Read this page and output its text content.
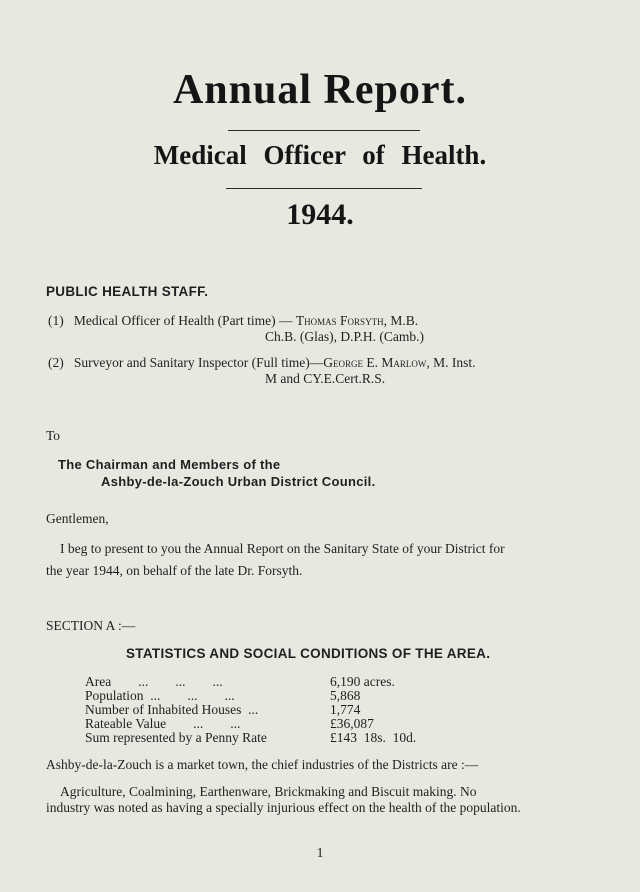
Annual Report.
Medical Officer of Health.
1944.
PUBLIC HEALTH STAFF.
(1) Medical Officer of Health (Part time) — Thomas Forsyth, M.B.
Ch.B. (Glas), D.P.H. (Camb.)
(2) Surveyor and Sanitary Inspector (Full time)—George E. Marlow, M. Inst.
M and CY.E.Cert.R.S.
To
The Chairman and Members of the
Ashby-de-la-Zouch Urban District Council.
Gentlemen,
I beg to present to you the Annual Report on the Sanitary State of your District for
the year 1944, on behalf of the late Dr. Forsyth.
SECTION A :—
STATISTICS AND SOCIAL CONDITIONS OF THE AREA.
Area        ...        ...        ...	6,190 acres.
Population  ...        ...        ...	5,868
Number of Inhabited Houses  ...	1,774
Rateable Value        ...        ...	£36,087
Sum represented by a Penny Rate	£143  18s.  10d.
Ashby-de-la-Zouch is a market town, the chief industries of the Districts are :—
Agriculture, Coalmining, Earthenware, Brickmaking and Biscuit making. No
industry was noted as having a specially injurious effect on the health of the population.
1
